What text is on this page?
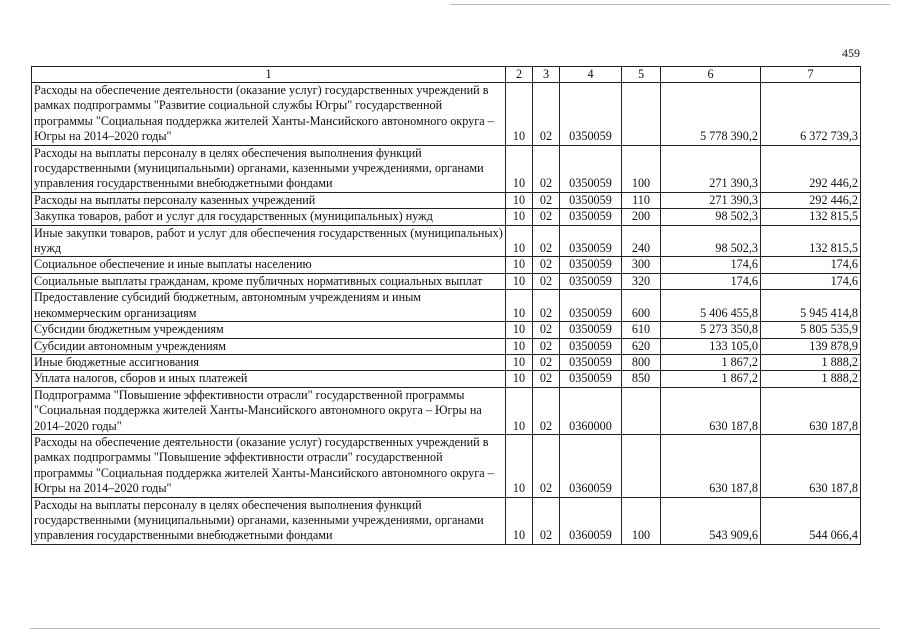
459
1	2	3	4	5	6	7
Расходы на обеспечение деятельности (оказание услуг) государственных учреждений в рамках подпрограммы "Развитие социальной службы Югры" государственной программы "Социальная поддержка жителей Ханты-Мансийского автономного округа – Югры на 2014–2020 годы"	10	02	0350059		5 778 390,2	6 372 739,3
Расходы на выплаты персоналу в целях обеспечения выполнения функций государственными (муниципальными) органами, казенными учреждениями, органами управления государственными внебюджетными фондами	10	02	0350059	100	271 390,3	292 446,2
Расходы на выплаты персоналу казенных учреждений	10	02	0350059	110	271 390,3	292 446,2
Закупка товаров, работ и услуг для государственных (муниципальных) нужд	10	02	0350059	200	98 502,3	132 815,5
Иные закупки товаров, работ и услуг для обеспечения государственных (муниципальных) нужд	10	02	0350059	240	98 502,3	132 815,5
Социальное обеспечение и иные выплаты населению	10	02	0350059	300	174,6	174,6
Социальные выплаты гражданам, кроме публичных нормативных социальных выплат	10	02	0350059	320	174,6	174,6
Предоставление субсидий бюджетным, автономным учреждениям и иным некоммерческим организациям	10	02	0350059	600	5 406 455,8	5 945 414,8
Субсидии бюджетным учреждениям	10	02	0350059	610	5 273 350,8	5 805 535,9
Субсидии автономным учреждениям	10	02	0350059	620	133 105,0	139 878,9
Иные бюджетные ассигнования	10	02	0350059	800	1 867,2	1 888,2
Уплата налогов, сборов и иных платежей	10	02	0350059	850	1 867,2	1 888,2
Подпрограмма "Повышение эффективности отрасли" государственной программы "Социальная поддержка жителей Ханты-Мансийского автономного округа – Югры на 2014–2020 годы"	10	02	0360000		630 187,8	630 187,8
Расходы на обеспечение деятельности (оказание услуг) государственных учреждений в рамках подпрограммы "Повышение эффективности отрасли" государственной программы "Социальная поддержка жителей Ханты-Мансийского автономного округа – Югры на 2014–2020 годы"	10	02	0360059		630 187,8	630 187,8
Расходы на выплаты персоналу в целях обеспечения выполнения функций государственными (муниципальными) органами, казенными учреждениями, органами управления государственными внебюджетными фондами	10	02	0360059	100	543 909,6	544 066,4
